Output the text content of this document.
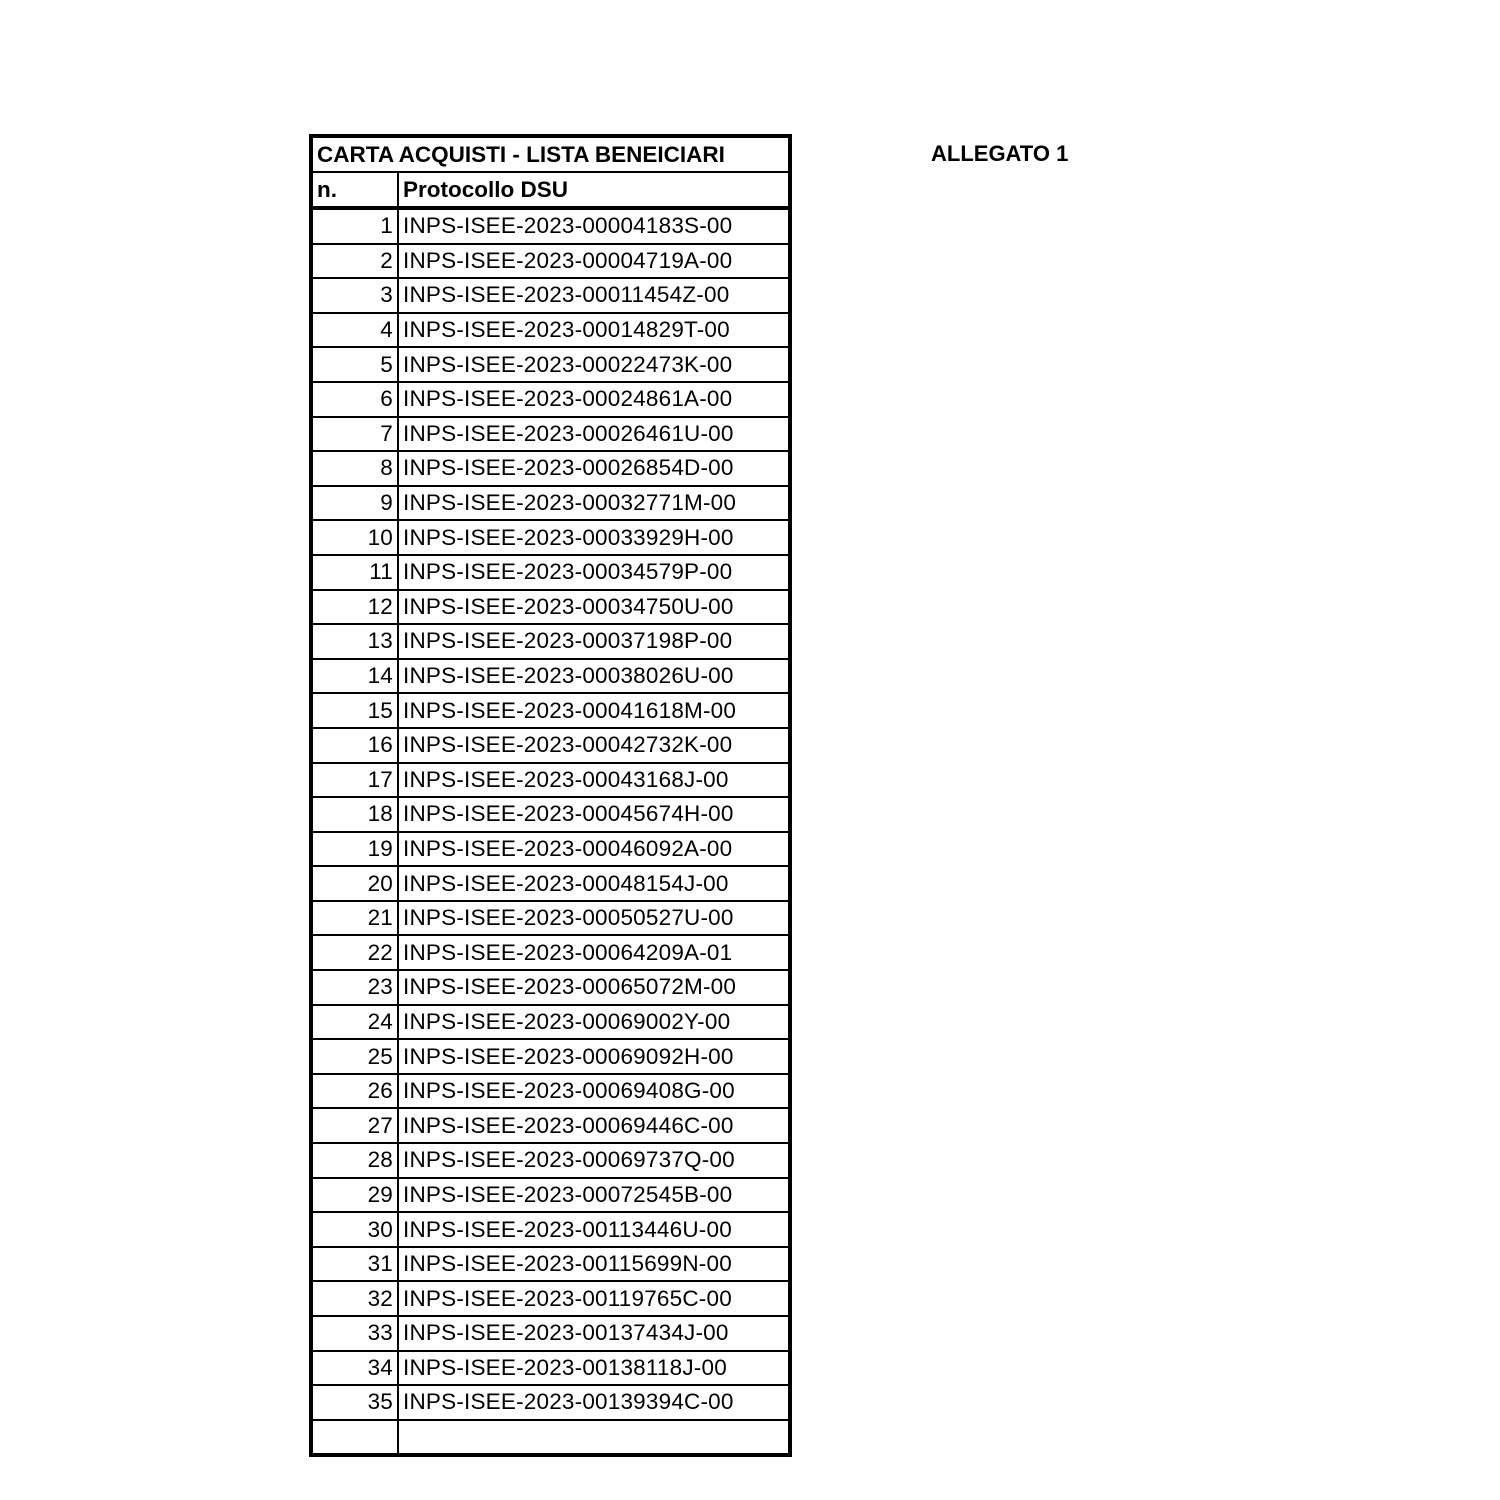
ALLEGATO 1
CARTA ACQUISTI - LISTA BENEICIARI	
n.	Protocollo DSU
1	INPS-ISEE-2023-00004183S-00
2	INPS-ISEE-2023-00004719A-00
3	INPS-ISEE-2023-00011454Z-00
4	INPS-ISEE-2023-00014829T-00
5	INPS-ISEE-2023-00022473K-00
6	INPS-ISEE-2023-00024861A-00
7	INPS-ISEE-2023-00026461U-00
8	INPS-ISEE-2023-00026854D-00
9	INPS-ISEE-2023-00032771M-00
10	INPS-ISEE-2023-00033929H-00
11	INPS-ISEE-2023-00034579P-00
12	INPS-ISEE-2023-00034750U-00
13	INPS-ISEE-2023-00037198P-00
14	INPS-ISEE-2023-00038026U-00
15	INPS-ISEE-2023-00041618M-00
16	INPS-ISEE-2023-00042732K-00
17	INPS-ISEE-2023-00043168J-00
18	INPS-ISEE-2023-00045674H-00
19	INPS-ISEE-2023-00046092A-00
20	INPS-ISEE-2023-00048154J-00
21	INPS-ISEE-2023-00050527U-00
22	INPS-ISEE-2023-00064209A-01
23	INPS-ISEE-2023-00065072M-00
24	INPS-ISEE-2023-00069002Y-00
25	INPS-ISEE-2023-00069092H-00
26	INPS-ISEE-2023-00069408G-00
27	INPS-ISEE-2023-00069446C-00
28	INPS-ISEE-2023-00069737Q-00
29	INPS-ISEE-2023-00072545B-00
30	INPS-ISEE-2023-00113446U-00
31	INPS-ISEE-2023-00115699N-00
32	INPS-ISEE-2023-00119765C-00
33	INPS-ISEE-2023-00137434J-00
34	INPS-ISEE-2023-00138118J-00
35	INPS-ISEE-2023-00139394C-00
